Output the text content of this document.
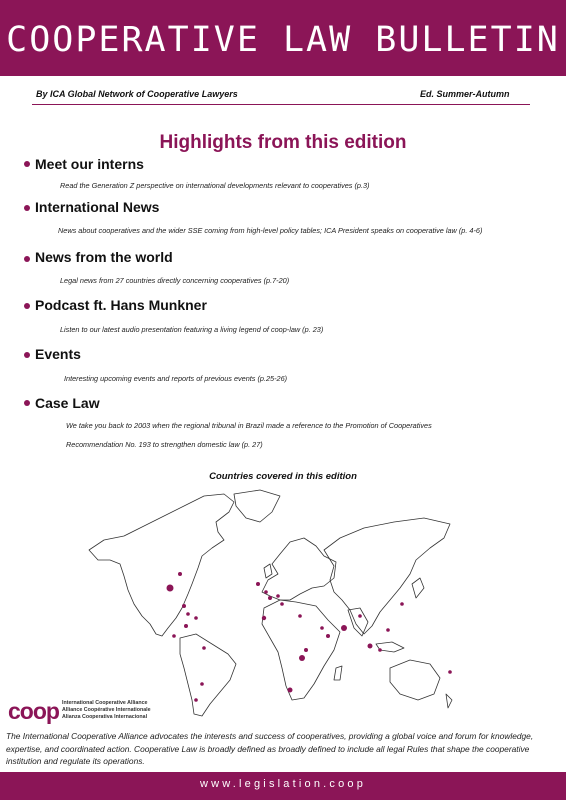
COOPERATIVE LAW BULLETIN
By ICA Global Network of Cooperative Lawyers	Ed. Summer-Autumn
Highlights from this edition
Meet our interns
Read the Generation Z perspective on international developments relevant to cooperatives (p.3)
International News
News about cooperatives and the wider SSE coming from high-level policy tables; ICA President speaks on cooperative law (p. 4-6)
News from the world
Legal news from 27 countries directly concerning cooperatives (p.7-20)
Podcast ft. Hans Munkner
Listen to our latest audio presentation featuring a living legend of coop-law (p. 23)
Events
Interesting upcoming events and reports of previous events (p.25-26)
Case Law
We take you back to 2003 when the regional tribunal in Brazil made a reference to the Promotion of Cooperatives
Recommendation No. 193 to strengthen domestic law (p. 27)
Countries covered in this edition
coop International Cooperative Alliance
Alliance Coopérative Internationale
Alianza Cooperativa Internacional
The International Cooperative Alliance advocates the interests and success of cooperatives, providing a global voice and forum for knowledge, expertise, and coordinated action. Cooperative Law is broadly defined as broadly defined to include all legal Rules that shape the cooperative institution and regulate its operations.
www.legislation.coop
